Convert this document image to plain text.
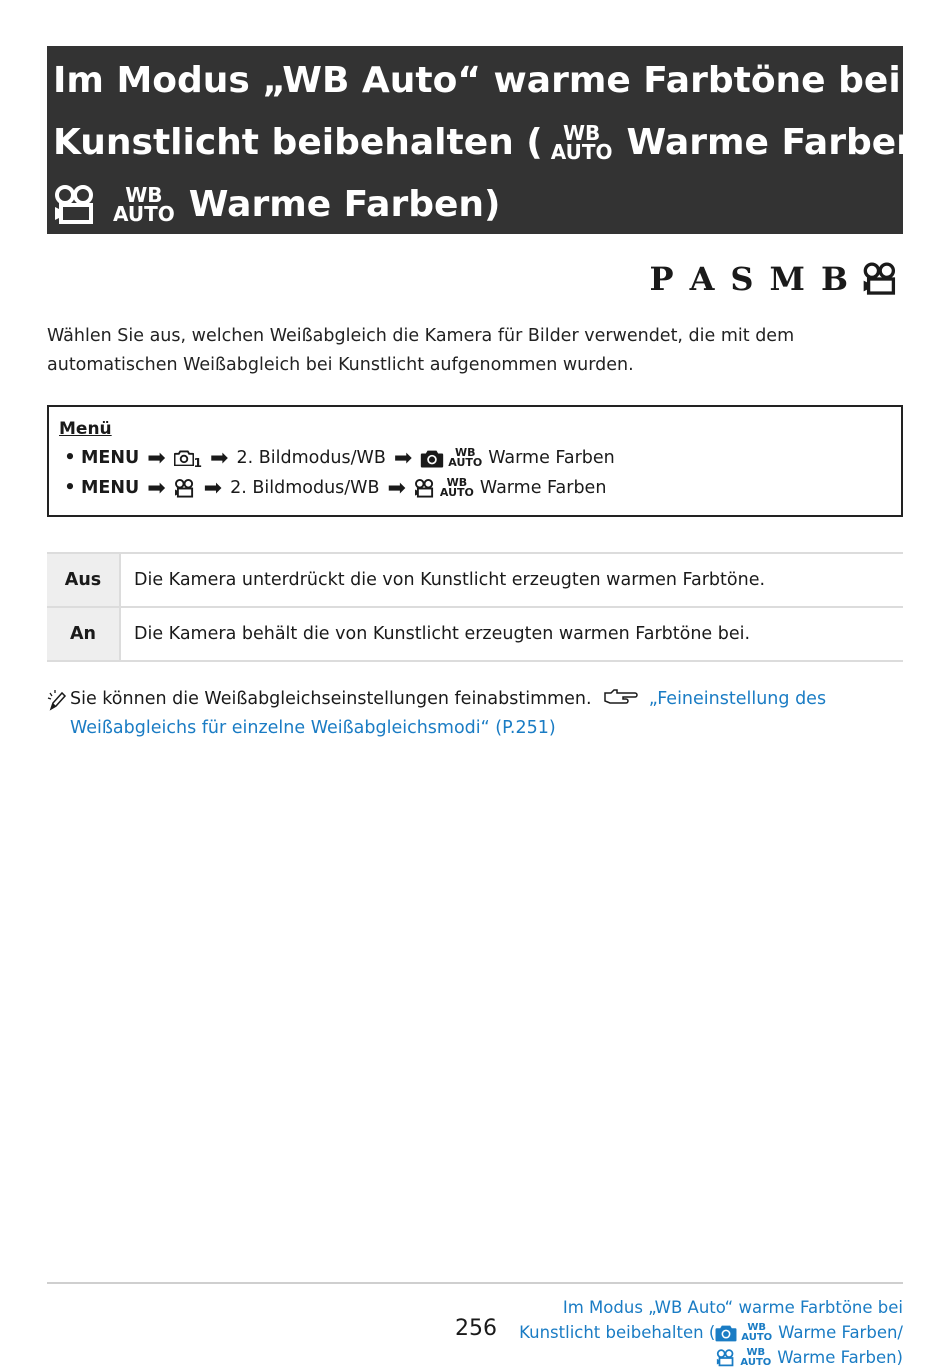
Im Modus „WB Auto“ warme Farbtöne bei
Kunstlicht beibehalten ( WB
AUTO Warme Farben/
WB
AUTO Warme Farben)
P A S M B
Wählen Sie aus, welchen Weißabgleich die Kamera für Bilder verwendet, die mit dem automatischen Weißabgleich bei Kunstlicht aufgenommen wurden.
Menü
• MENU ➡ 1 ➡ 2. Bildmodus/WB ➡	WB
AUTO Warme Farben
• MENU ➡ ➡ 2. Bildmodus/WB ➡	WB
AUTO Warme Farben
Aus	Die Kamera unterdrückt die von Kunstlicht erzeugten warmen Farbtöne.
An	Die Kamera behält die von Kunstlicht erzeugten warmen Farbtöne bei.
Sie können die Weißabgleichseinstellungen feinabstimmen.	„Feineinstellung des Weißabgleichs für einzelne Weißabgleichsmodi“ (P.251)
256
Im Modus „WB Auto“ warme Farbtöne bei
Kunstlicht beibehalten (	WB
AUTO Warme Farben/
WB
AUTO Warme Farben)
